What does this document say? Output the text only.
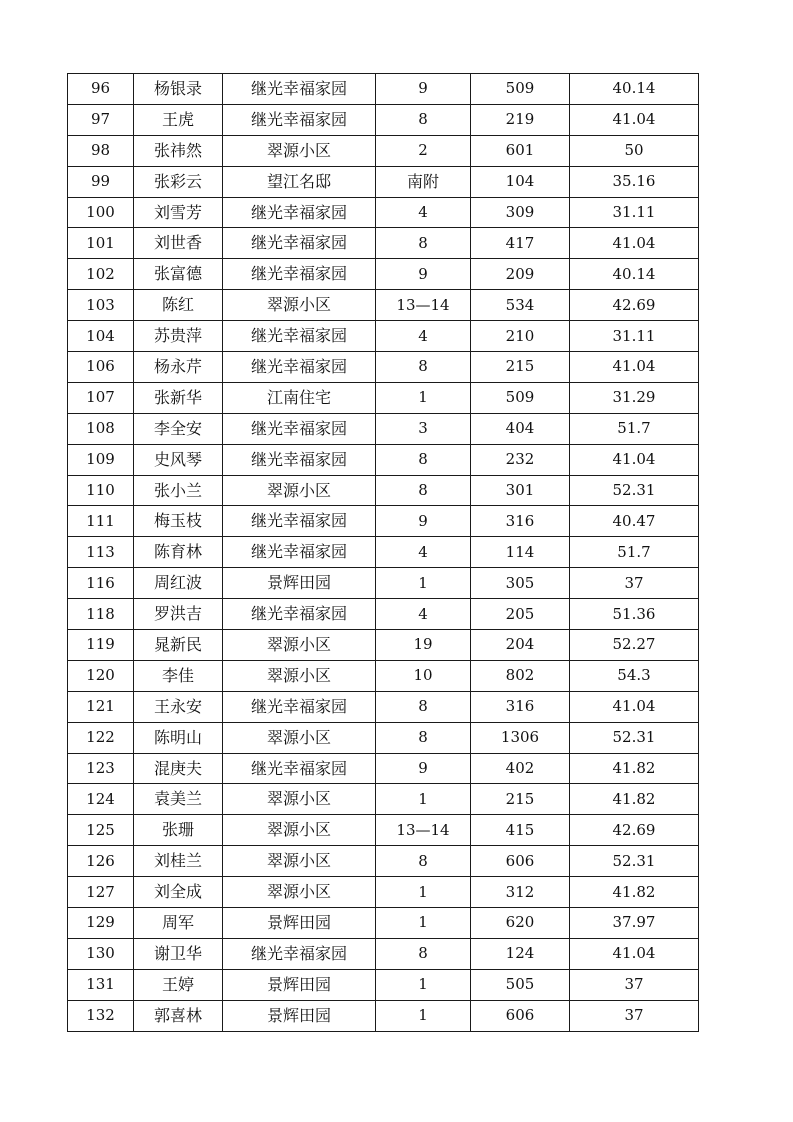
96	杨银录	继光幸福家园	9	509	40.14
97	王虎	继光幸福家园	8	219	41.04
98	张祎然	翠源小区	2	601	50
99	张彩云	望江名邸	南附	104	35.16
100	刘雪芳	继光幸福家园	4	309	31.11
101	刘世香	继光幸福家园	8	417	41.04
102	张富德	继光幸福家园	9	209	40.14
103	陈红	翠源小区	13—14	534	42.69
104	苏贵萍	继光幸福家园	4	210	31.11
106	杨永芹	继光幸福家园	8	215	41.04
107	张新华	江南住宅	1	509	31.29
108	李全安	继光幸福家园	3	404	51.7
109	史风琴	继光幸福家园	8	232	41.04
110	张小兰	翠源小区	8	301	52.31
111	梅玉枝	继光幸福家园	9	316	40.47
113	陈育林	继光幸福家园	4	114	51.7
116	周红波	景辉田园	1	305	37
118	罗洪吉	继光幸福家园	4	205	51.36
119	晁新民	翠源小区	19	204	52.27
120	李佳	翠源小区	10	802	54.3
121	王永安	继光幸福家园	8	316	41.04
122	陈明山	翠源小区	8	1306	52.31
123	混庚夫	继光幸福家园	9	402	41.82
124	袁美兰	翠源小区	1	215	41.82
125	张珊	翠源小区	13—14	415	42.69
126	刘桂兰	翠源小区	8	606	52.31
127	刘全成	翠源小区	1	312	41.82
129	周军	景辉田园	1	620	37.97
130	谢卫华	继光幸福家园	8	124	41.04
131	王婷	景辉田园	1	505	37
132	郭喜林	景辉田园	1	606	37
